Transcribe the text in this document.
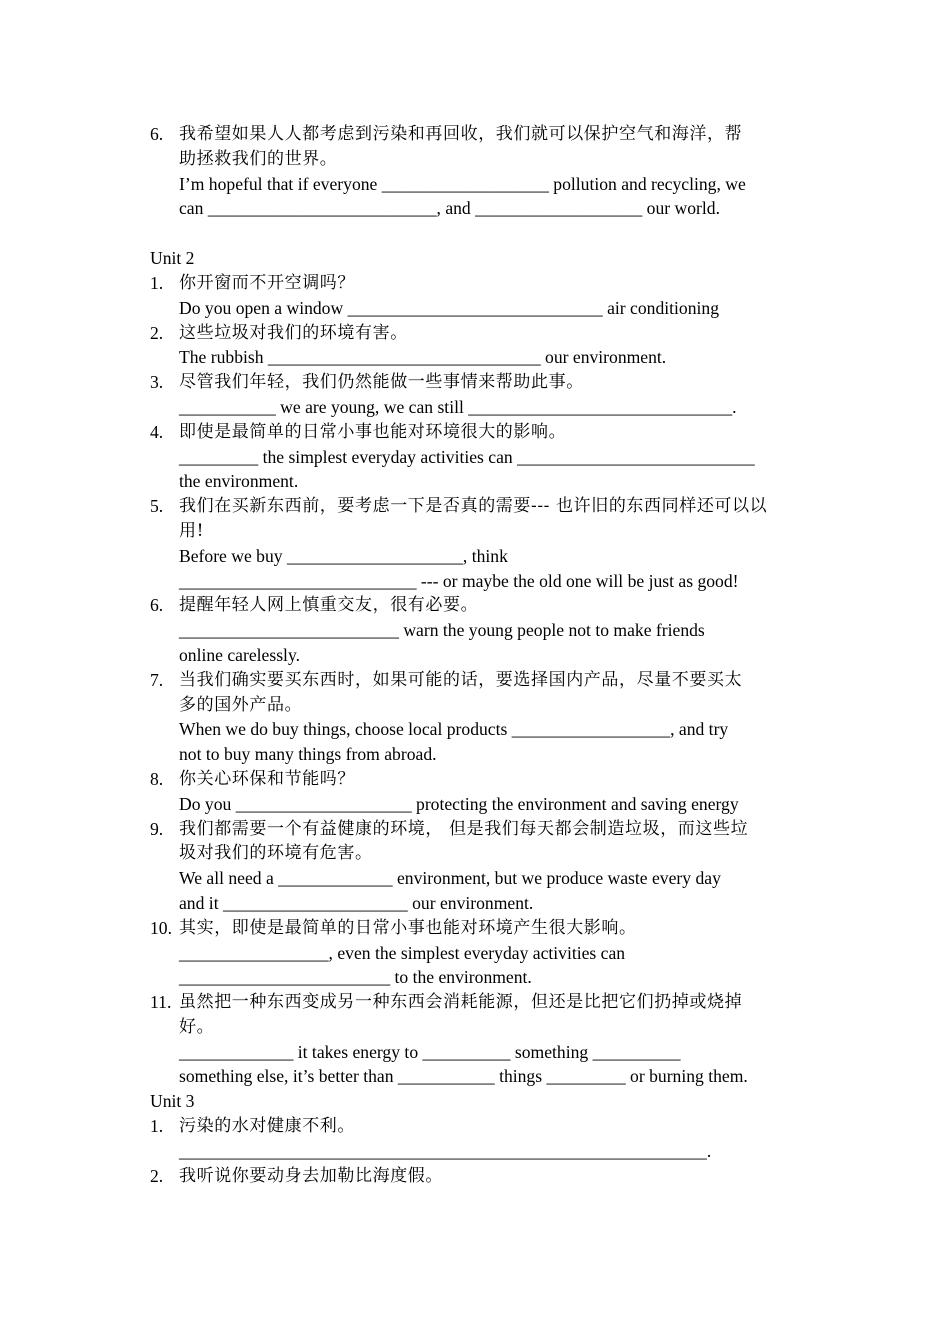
6. 我希望如果人人都考虑到污染和再回收，我们就可以保护空气和海洋，帮
助拯救我们的世界。
I’m hopeful that if everyone ___________________ pollution and recycling, we
can __________________________, and ___________________ our world.
Unit 2
1. 你开窗而不开空调吗？
Do you open a window _____________________________ air conditioning
2. 这些垃圾对我们的环境有害。
The rubbish _______________________________ our environment.
3. 尽管我们年轻，我们仍然能做一些事情来帮助此事。
___________ we are young, we can still ______________________________.
4. 即使是最简单的日常小事也能对环境很大的影响。
_________ the simplest everyday activities can ___________________________
the environment.
5. 我们在买新东西前，要考虑一下是否真的需要--- 也许旧的东西同样还可以以
用!
Before we buy ____________________, think
___________________________ --- or maybe the old one will be just as good!
6. 提醒年轻人网上慎重交友，很有必要。
_________________________ warn the young people not to make friends
online carelessly.
7. 当我们确实要买东西时，如果可能的话，要选择国内产品，尽量不要买太
多的国外产品。
When we do buy things, choose local products __________________, and try
not to buy many things from abroad.
8. 你关心环保和节能吗？
Do you ____________________ protecting the environment and saving energy
9. 我们都需要一个有益健康的环境， 但是我们每天都会制造垃圾，而这些垃
圾对我们的环境有危害。
We all need a _____________ environment, but we produce waste every day
and it _____________________ our environment.
10. 其实，即使是最简单的日常小事也能对环境产生很大影响。
_________________, even the simplest everyday activities can
________________________ to the environment.
11. 虽然把一种东西变成另一种东西会消耗能源，但还是比把它们扔掉或烧掉
好。
_____________ it takes energy to __________ something __________
something else, it’s better than ___________ things _________ or burning them.
Unit 3
1. 污染的水对健康不利。
____________________________________________________________.
2. 我听说你要动身去加勒比海度假。
